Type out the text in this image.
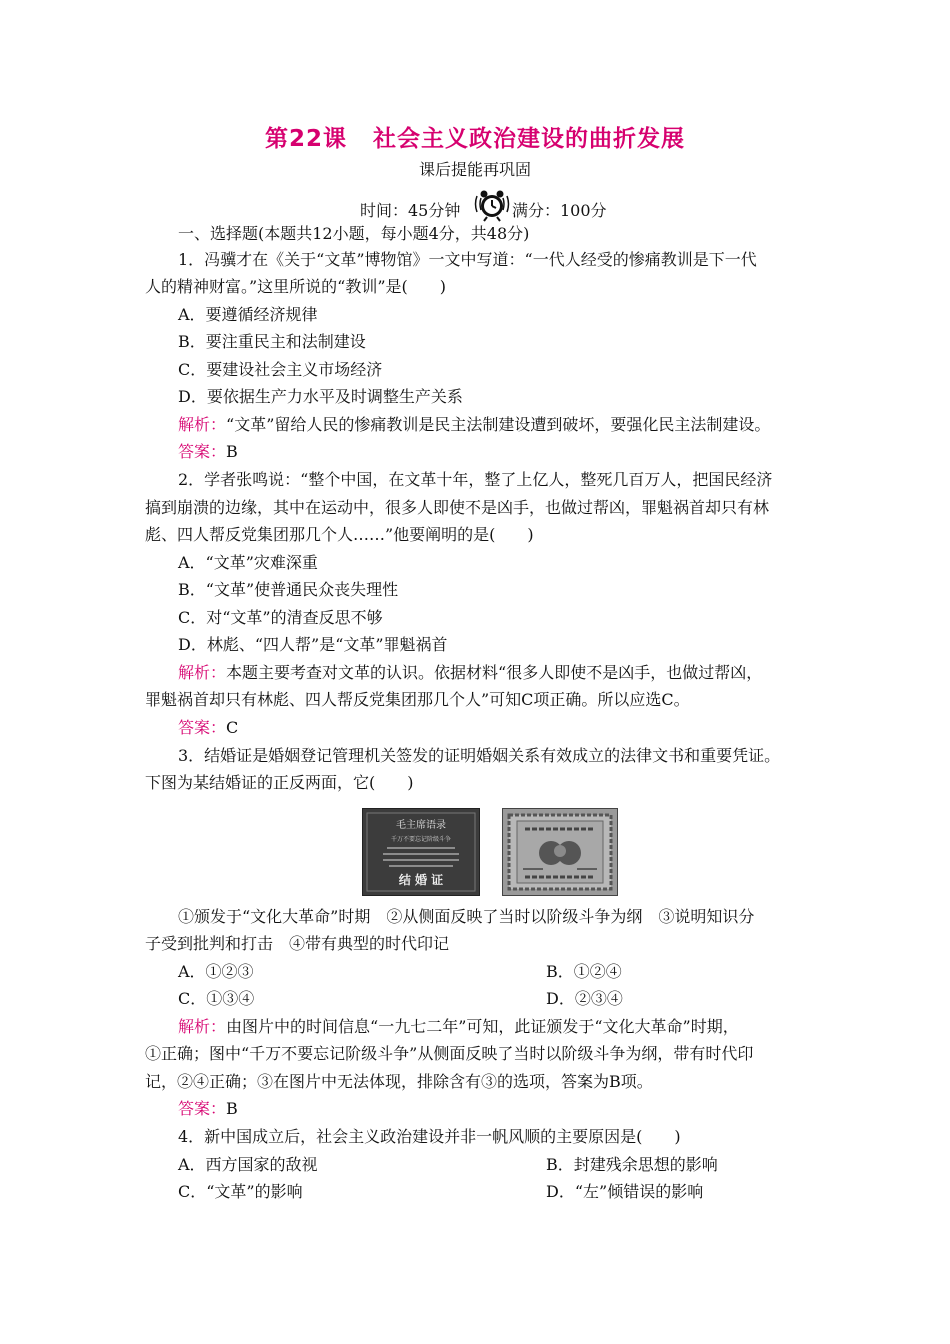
第22课 社会主义政治建设的曲折发展
课后提能再巩固
时间：45分钟	满分：100分
一、选择题(本题共12小题，每小题4分，共48分)
1．冯骥才在《关于“文革”博物馆》一文中写道：“一代人经受的惨痛教训是下一代
人的精神财富。”这里所说的“教训”是(　　)
A．要遵循经济规律
B．要注重民主和法制建设
C．要建设社会主义市场经济
D．要依据生产力水平及时调整生产关系
解析：“文革”留给人民的惨痛教训是民主法制建设遭到破坏，要强化民主法制建设。
答案：B
2．学者张鸣说：“整个中国，在文革十年，整了上亿人，整死几百万人，把国民经济
搞到崩溃的边缘，其中在运动中，很多人即使不是凶手，也做过帮凶，罪魁祸首却只有林
彪、四人帮反党集团那几个人……”他要阐明的是(　　)
A．“文革”灾难深重
B．“文革”使普通民众丧失理性
C．对“文革”的清查反思不够
D．林彪、“四人帮”是“文革”罪魁祸首
解析：本题主要考查对文革的认识。依据材料“很多人即使不是凶手，也做过帮凶，
罪魁祸首却只有林彪、四人帮反党集团那几个人”可知C项正确。所以应选C。
答案：C
3．结婚证是婚姻登记管理机关签发的证明婚姻关系有效成立的法律文书和重要凭证。
下图为某结婚证的正反两面，它(　　)
毛主席语录
千万不要忘记阶级斗争
结 婚 证
①颁发于“文化大革命”时期　②从侧面反映了当时以阶级斗争为纲　③说明知识分
子受到批判和打击　④带有典型的时代印记
A．①②③	B．①②④
C．①③④	D．②③④
解析：由图片中的时间信息“一九七二年”可知，此证颁发于“文化大革命”时期，
①正确；图中“千万不要忘记阶级斗争”从侧面反映了当时以阶级斗争为纲，带有时代印
记，②④正确；③在图片中无法体现，排除含有③的选项，答案为B项。
答案：B
4．新中国成立后，社会主义政治建设并非一帆风顺的主要原因是(　　)
A．西方国家的敌视	B．封建残余思想的影响
C．“文革”的影响	D．“左”倾错误的影响
